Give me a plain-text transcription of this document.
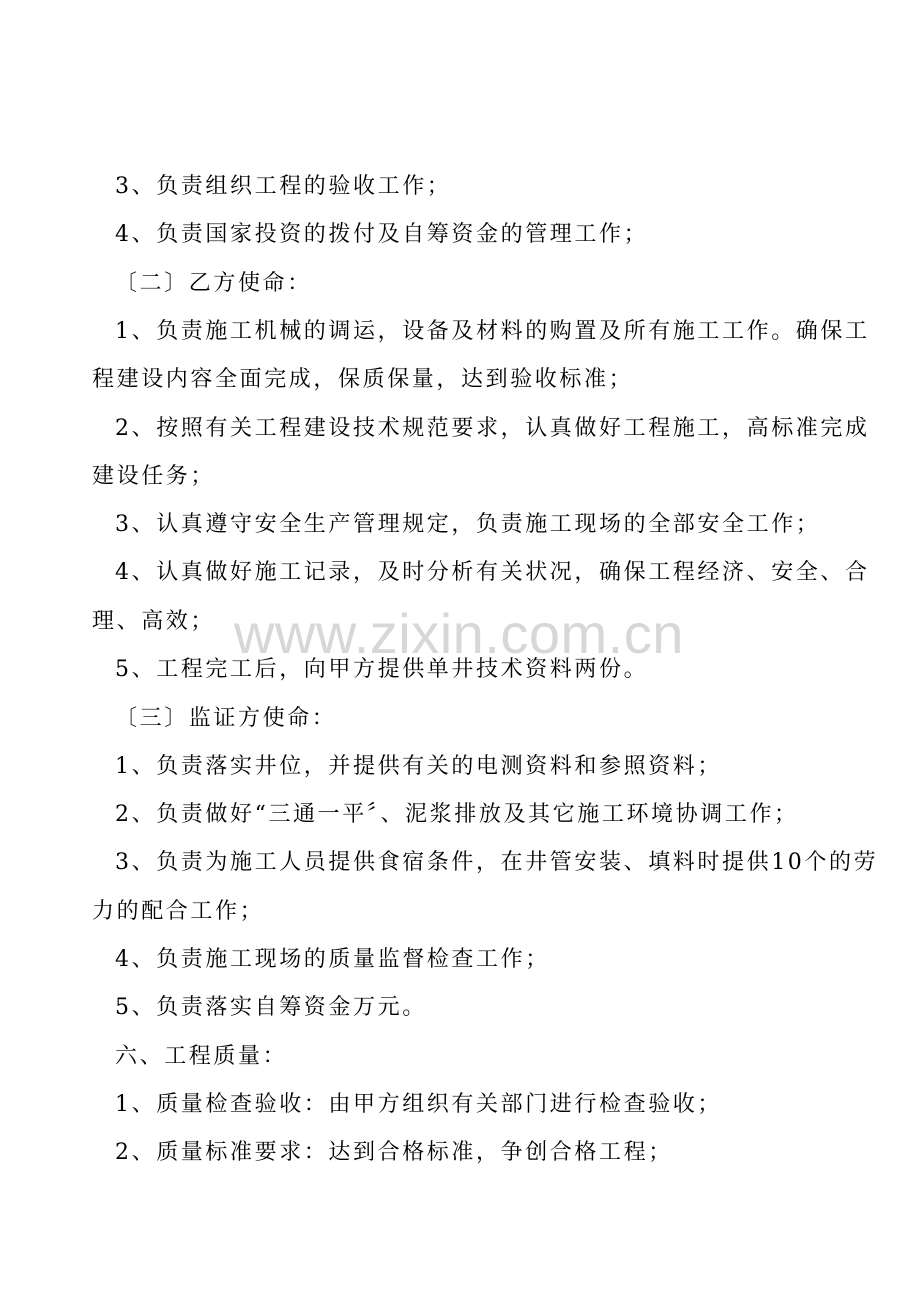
3、负责组织工程的验收工作；
4、负责国家投资的拨付及自筹资金的管理工作；
〔二〕乙方使命：
1、负责施工机械的调运，设备及材料的购置及所有施工工作。确保工
程建设内容全面完成，保质保量，达到验收标准；
2、按照有关工程建设技术规范要求，认真做好工程施工，高标准完成
建设任务；
3、认真遵守安全生产管理规定，负责施工现场的全部安全工作；
4、认真做好施工记录，及时分析有关状况，确保工程经济、安全、合
理、高效；
5、工程完工后，向甲方提供单井技术资料两份。
〔三〕监证方使命：
1、负责落实井位，并提供有关的电测资料和参照资料；
2、负责做好“三通一平〞、泥浆排放及其它施工环境协调工作；
3、负责为施工人员提供食宿条件，在井管安装、填料时提供10个的劳
力的配合工作；
4、负责施工现场的质量监督检查工作；
5、负责落实自筹资金万元。
六、工程质量：
1、质量检查验收：由甲方组织有关部门进行检查验收；
2、质量标准要求：达到合格标准，争创合格工程；
www.zixin.com.cn
